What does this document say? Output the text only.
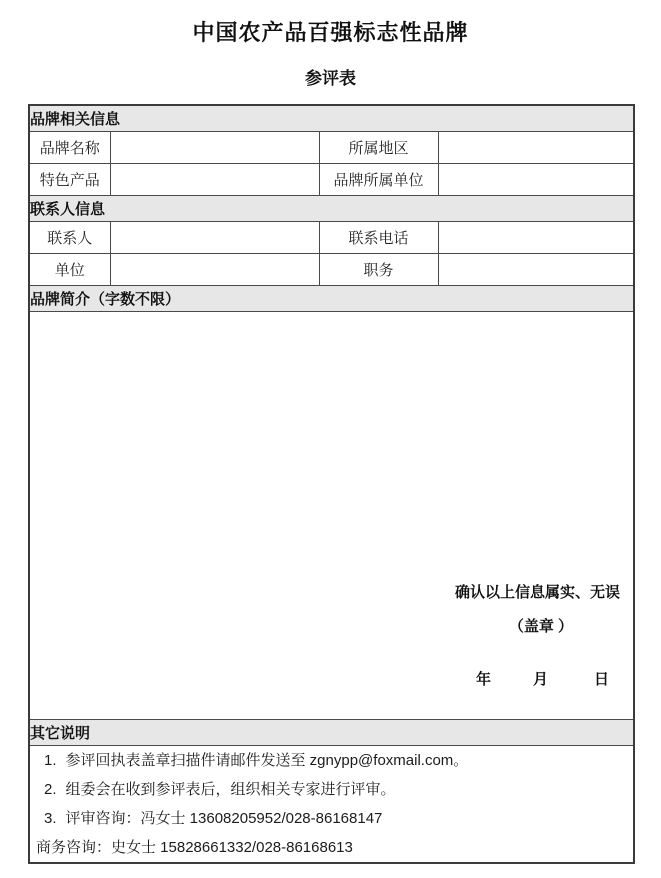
中国农产品百强标志性品牌
参评表
品牌相关信息			
品牌名称		所属地区	
特色产品		品牌所属单位	
联系人信息			
联系人		联系电话	
单位		职务	
品牌简介（字数不限）			

确认以上信息属实、无误
（盖章 ）
年 月 日			

其它说明			

1. 参评回执表盖章扫描件请邮件发送至 zgnypp@foxmail.com。
2. 组委会在收到参评表后，组织相关专家进行评审。
3. 评审咨询：冯女士 13608205952/028-86168147
商务咨询：史女士 15828661332/028-86168613			
